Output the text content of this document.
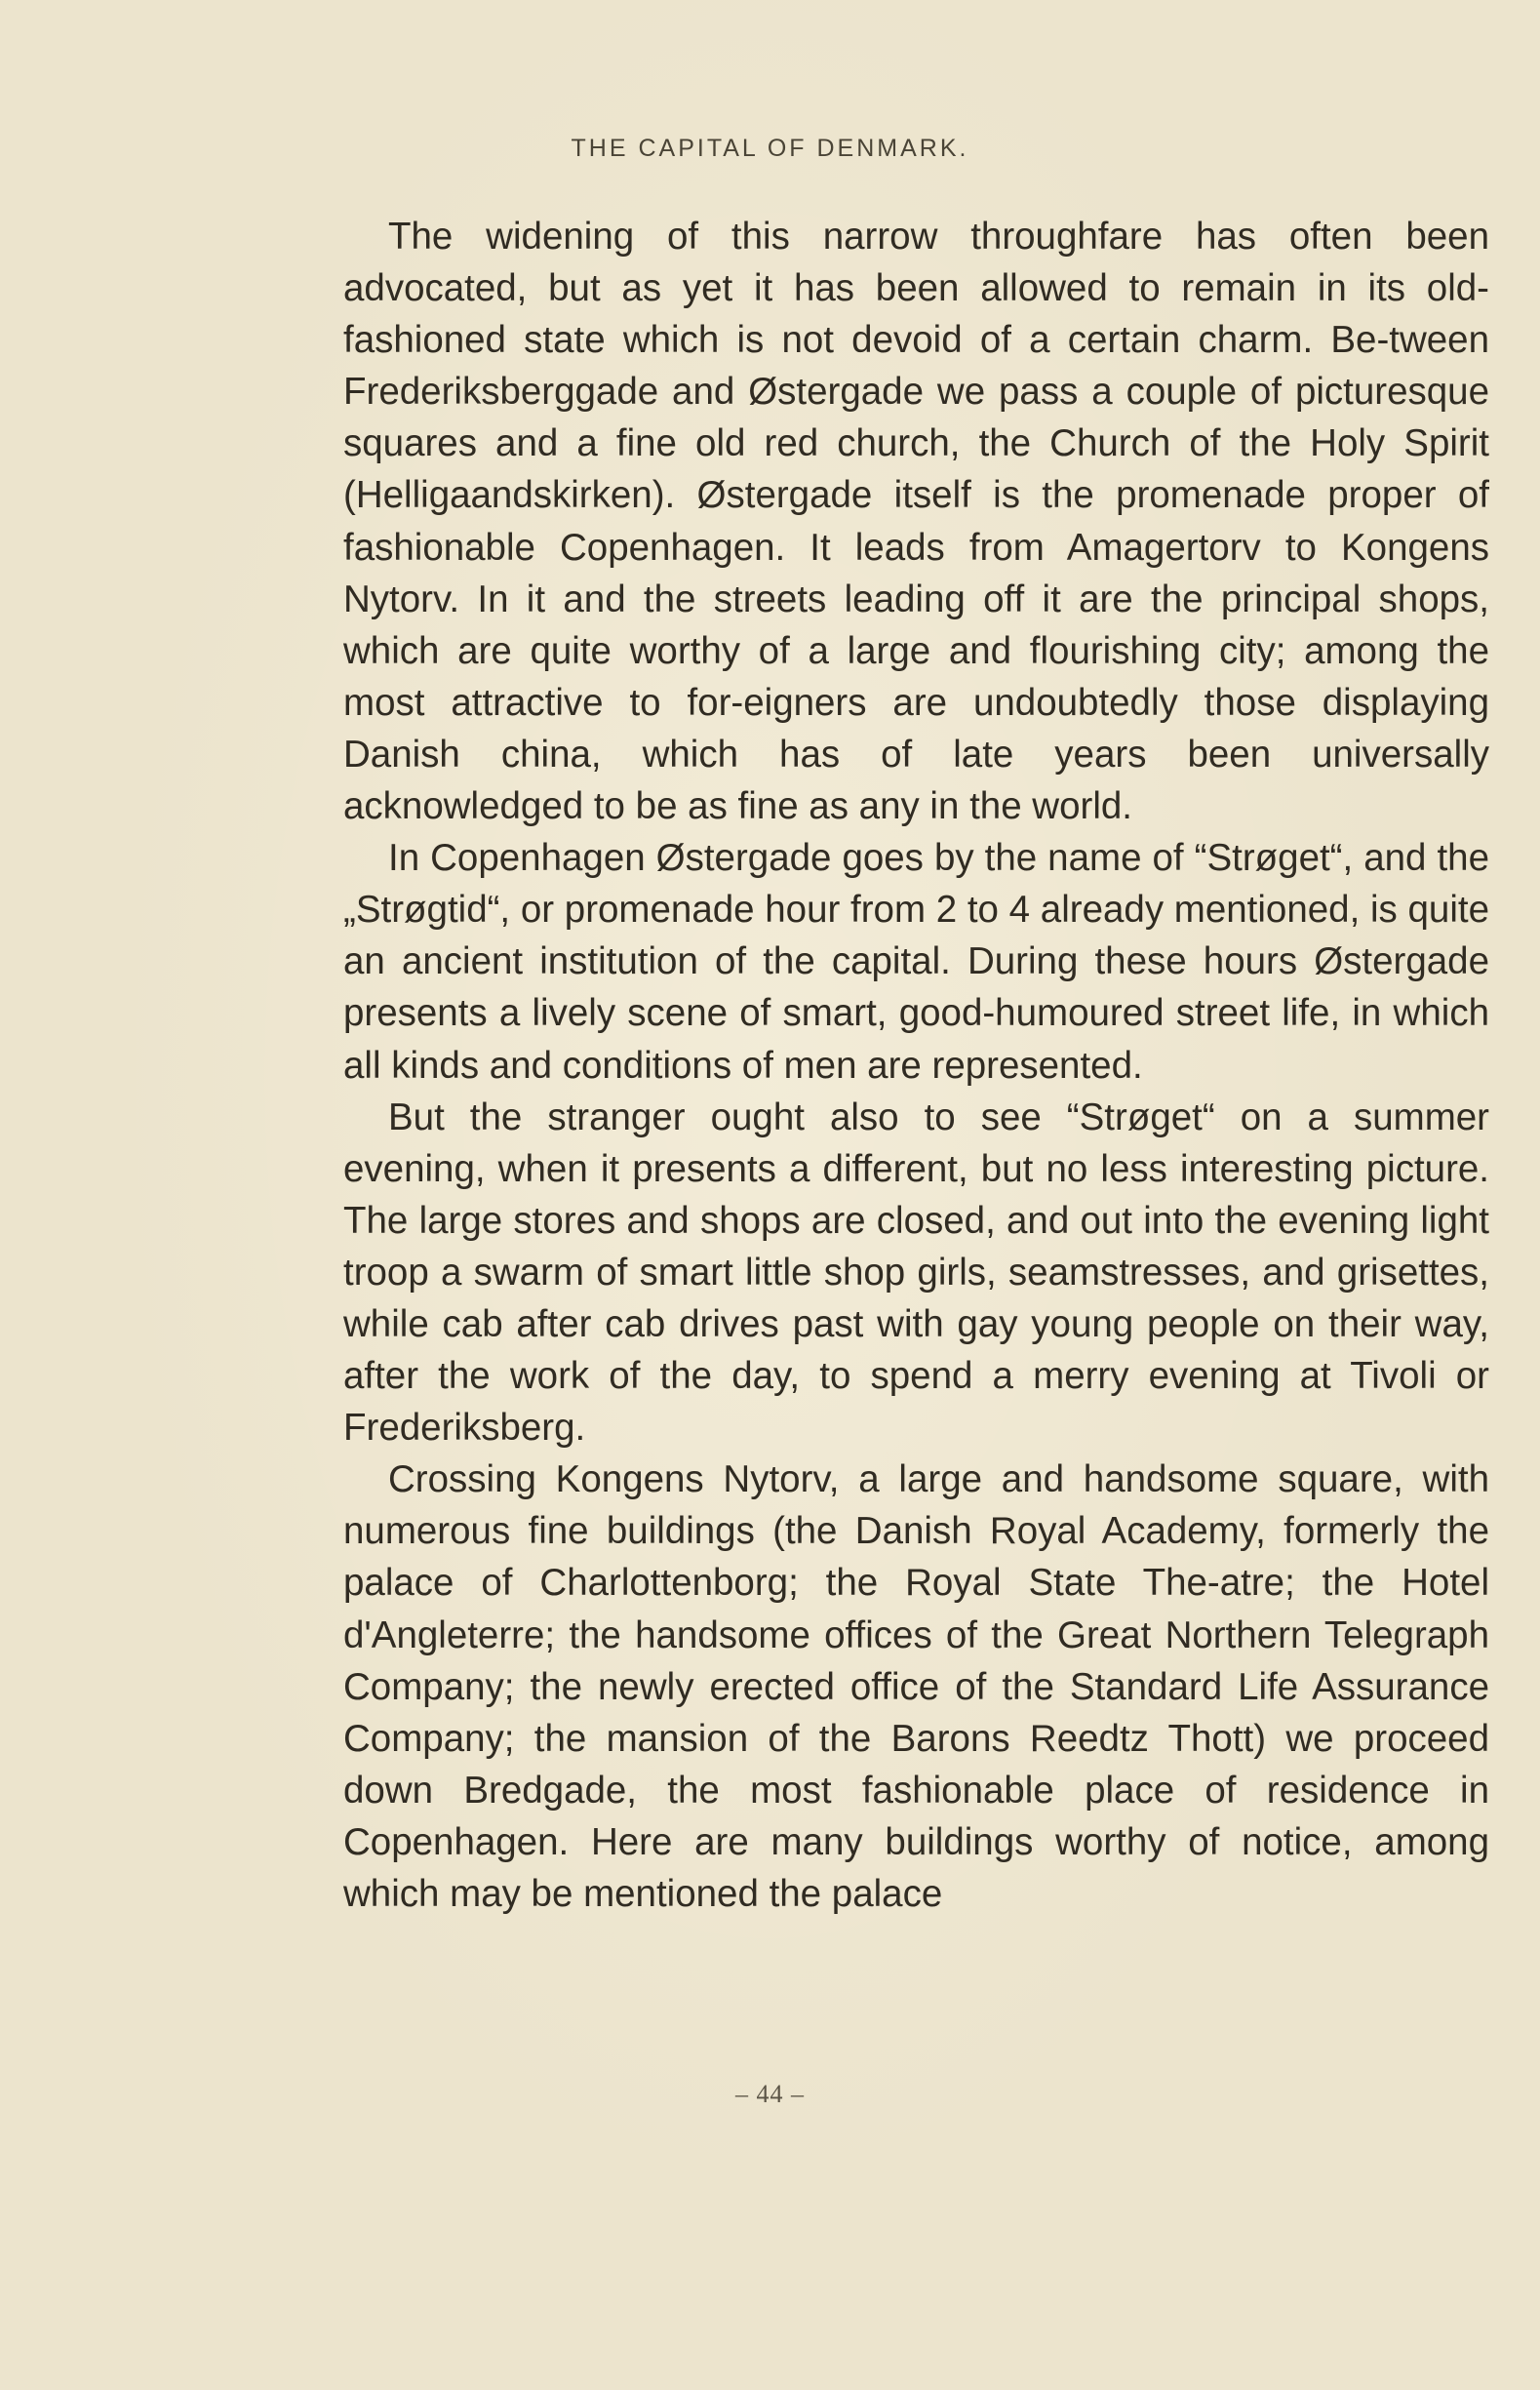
THE CAPITAL OF DENMARK.

The widening of this narrow throughfare has often been advocated, but as yet it has been allowed to remain in its old-fashioned state which is not devoid of a certain charm. Be-tween Frederiksberggade and Østergade we pass a couple of picturesque squares and a fine old red church, the Church of the Holy Spirit (Helligaandskirken). Østergade itself is the promenade proper of fashionable Copenhagen. It leads from Amagertorv to Kongens Nytorv. In it and the streets leading off it are the principal shops, which are quite worthy of a large and flourishing city; among the most attractive to for-eigners are undoubtedly those displaying Danish china, which has of late years been universally acknowledged to be as fine as any in the world.

In Copenhagen Østergade goes by the name of “Strøget“, and the „Strøgtid“, or promenade hour from 2 to 4 already mentioned, is quite an ancient institution of the capital. During these hours Østergade presents a lively scene of smart, good-humoured street life, in which all kinds and conditions of men are represented.

But the stranger ought also to see “Strøget“ on a summer evening, when it presents a different, but no less interesting picture. The large stores and shops are closed, and out into the evening light troop a swarm of smart little shop girls, seamstresses, and grisettes, while cab after cab drives past with gay young people on their way, after the work of the day, to spend a merry evening at Tivoli or Frederiksberg.

Crossing Kongens Nytorv, a large and handsome square, with numerous fine buildings (the Danish Royal Academy, formerly the palace of Charlottenborg; the Royal State The-atre; the Hotel d'Angleterre; the handsome offices of the Great Northern Telegraph Company; the newly erected office of the Standard Life Assurance Company; the mansion of the Barons Reedtz Thott) we proceed down Bredgade, the most fashionable place of residence in Copenhagen. Here are many buildings worthy of notice, among which may be mentioned the palace

– 44 –
